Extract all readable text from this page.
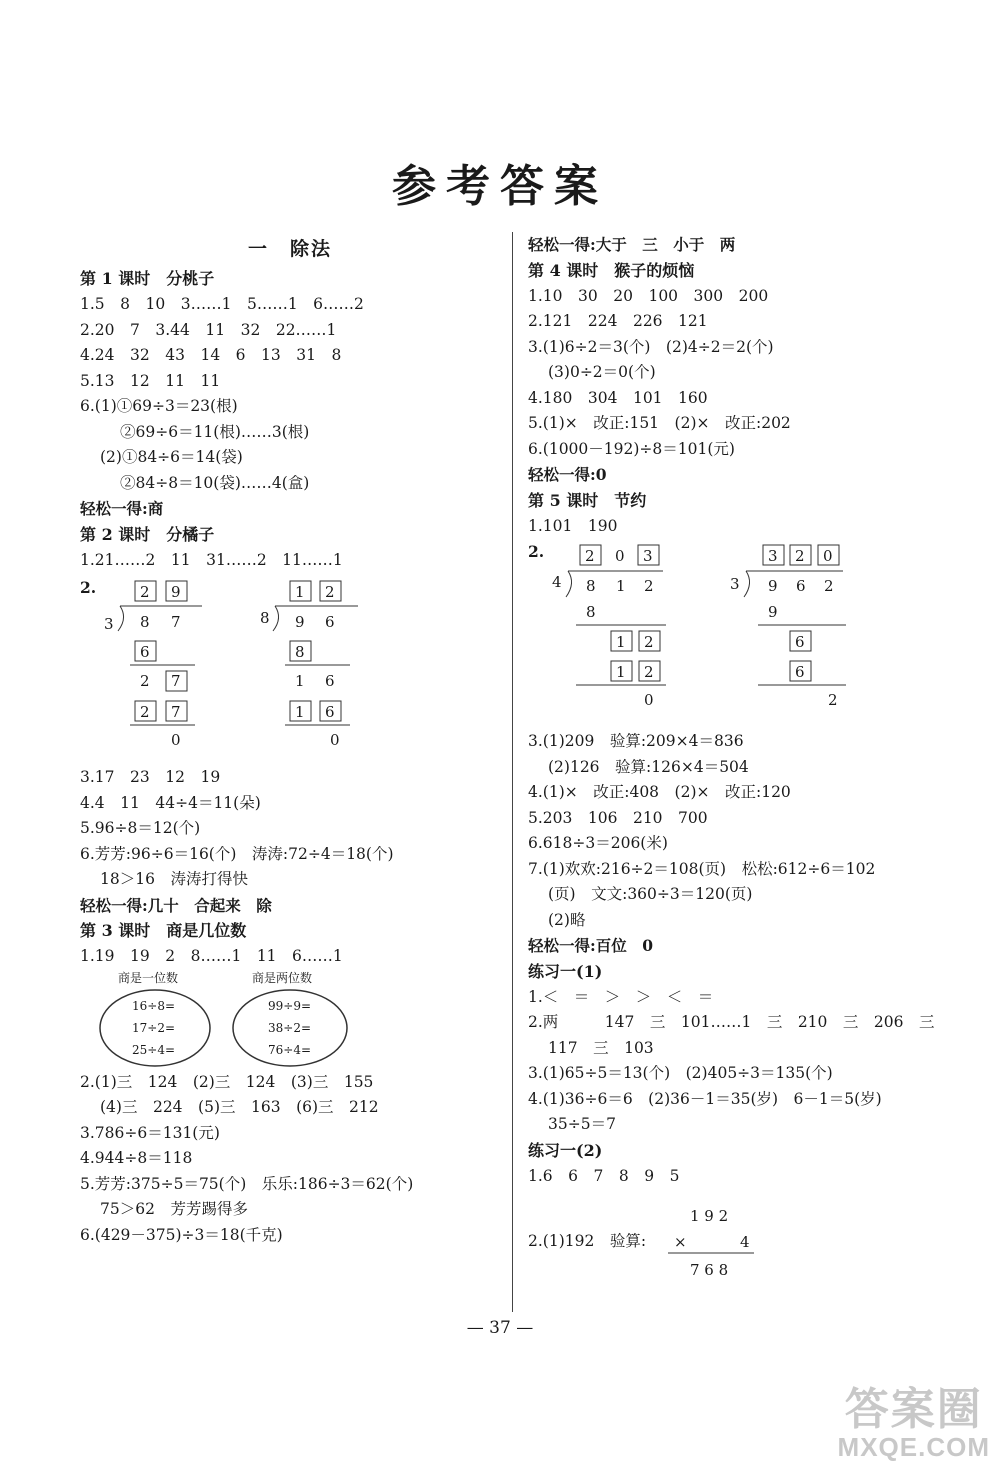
参考答案
一　除法
第 1 课时　分桃子
1.5　8　10　3……1　5……1　6……2
2.20　7　3.44　11　32　22……1
4.24　32　43　14　6　13　31　8
5.13　12　11　11
6.(1)①69÷3＝23(根)
②69÷6＝11(根)……3(根)
(2)①84÷6＝14(袋)
②84÷8＝10(袋)……4(盒)
轻松一得:商
第 2 课时　分橘子
1.21……2　11　31……2　11……1
2.	2 9
3 8 7
6
2 7
2 7
0
1 2
8 9 6
8
1 6
1 6
0
3.17　23　12　19
4.4　11　44÷4＝11(朵)
5.96÷8＝12(个)
6.芳芳:96÷6＝16(个)　涛涛:72÷4＝18(个)
18＞16　涛涛打得快
轻松一得:几十　合起来　除
第 3 课时　商是几位数
1.19　19　2　8……1　11　6……1
商是一位数
16÷8=
17÷2=
25÷4=
商是两位数
99÷9=
38÷2=
76÷4=
2.(1)三　124　(2)三　124　(3)三　155
(4)三　224　(5)三　163　(6)三　212
3.786÷6＝131(元)
4.944÷8＝118
5.芳芳:375÷5＝75(个)　乐乐:186÷3＝62(个)
75＞62　芳芳踢得多
6.(429－375)÷3＝18(千克)
轻松一得:大于　三　小于　两
第 4 课时　猴子的烦恼
1.10　30　20　100　300　200
2.121　224　226　121
3.(1)6÷2＝3(个)　(2)4÷2＝2(个)
(3)0÷2＝0(个)
4.180　304　101　160
5.(1)×　改正:151　(2)×　改正:202
6.(1000－192)÷8＝101(元)
轻松一得:0
第 5 课时　节约
1.101　190
2.	2 0 3
4 8 1 2
8
1 2
1 2
0
3 2 0
3 9 6 2
9
6
6
2
3.(1)209　验算:209×4＝836
(2)126　验算:126×4＝504
4.(1)×　改正:408　(2)×　改正:120
5.203　106　210　700
6.618÷3＝206(米)
7.(1)欢欢:216÷2＝108(页)　松松:612÷6＝102
(页)　文文:360÷3＝120(页)
(2)略
轻松一得:百位　0
练习一(1)
1.＜　＝　＞　＞　＜　＝
2.两　　　147　三　101……1　三　210　三　206　三
117　三　103
3.(1)65÷5＝13(个)　(2)405÷3＝135(个)
4.(1)36÷6＝6　(2)36－1＝35(岁)　6－1＝5(岁)
35÷5＝7
练习一(2)
1.6　6　7　8　9　5
2.(1)192　验算:
1 9 2
×	4
7 6 8
— 37 —
答案圈
MXQE.COM
